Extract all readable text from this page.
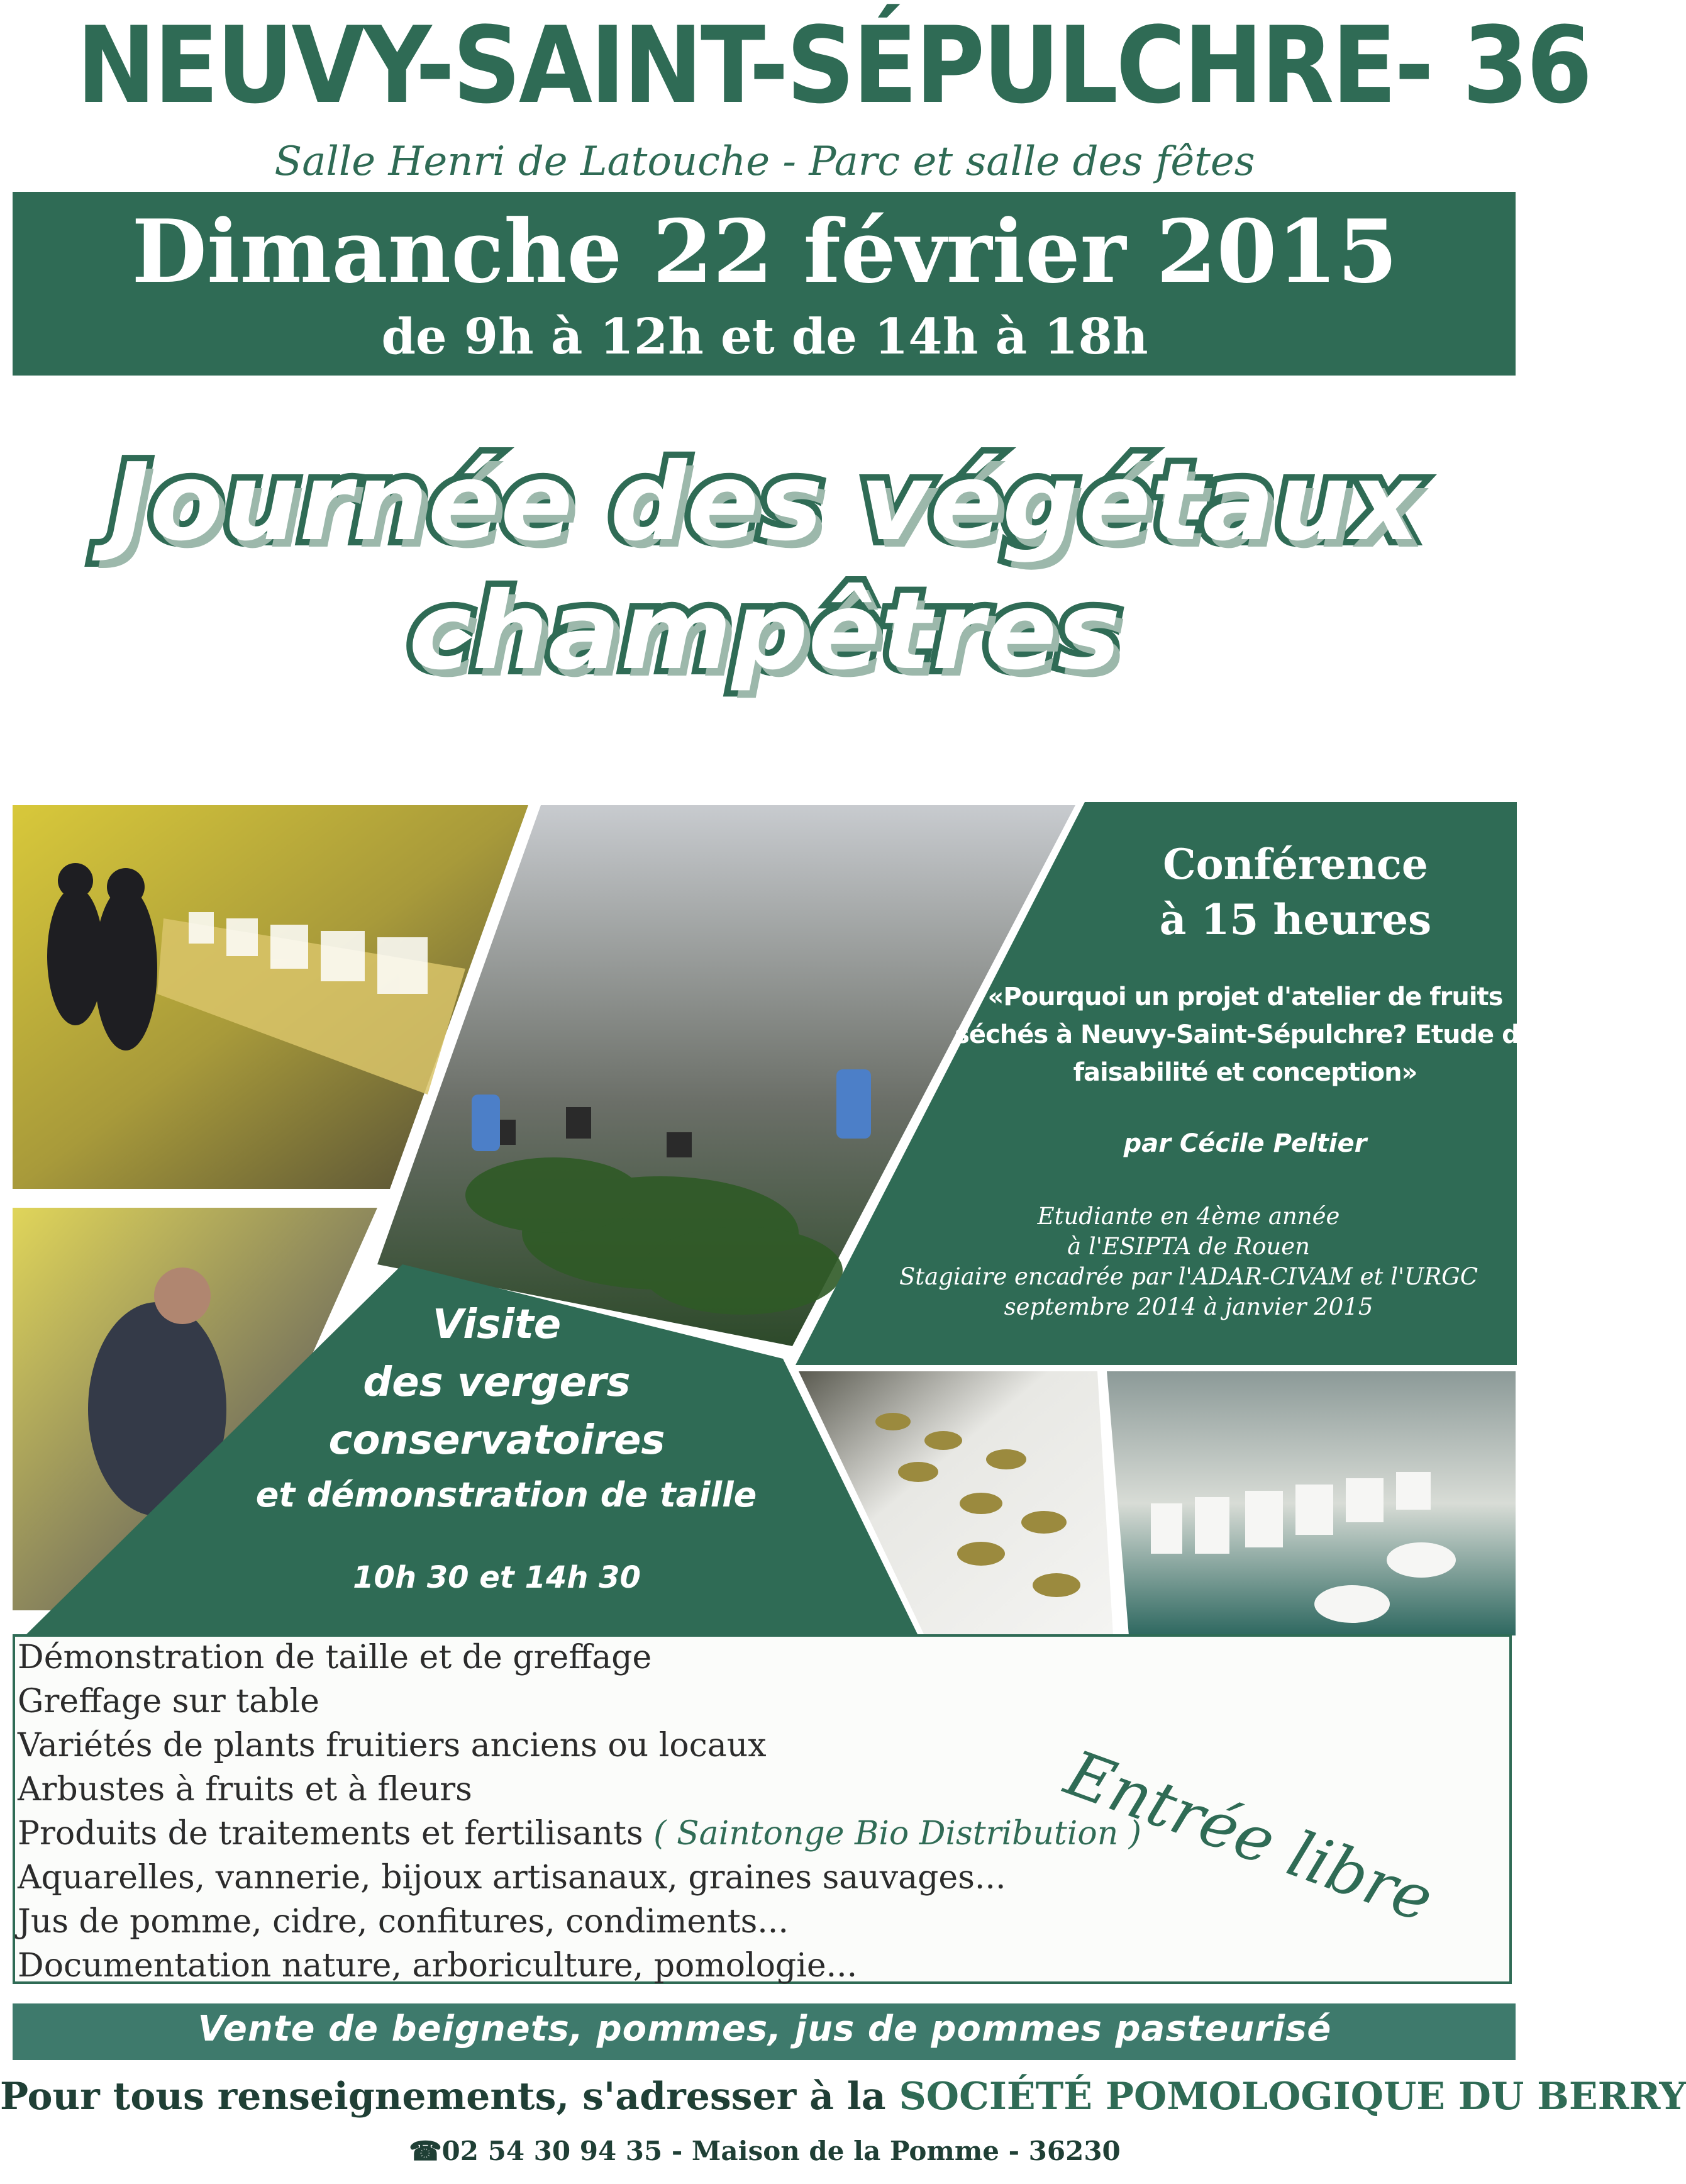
NEUVY-SAINT-SÉPULCHRE- 36
Salle Henri de Latouche - Parc et salle des fêtes
Dimanche 22 février 2015
de 9h à 12h et de 14h à 18h
Journée des végétaux
champêtres
Conférence
à 15 heures
«Pourquoi un projet d'atelier de fruits
séchés à Neuvy-Saint-Sépulchre? Etude de
faisabilité et conception»
par Cécile Peltier
Etudiante en 4ème année
à l'ESIPTA de Rouen
Stagiaire encadrée par l'ADAR-CIVAM et l'URGC
septembre 2014 à janvier 2015
Visite
des vergers
conservatoires
et démonstration de taille
10h 30 et 14h 30
Démonstration de taille et de greffage
Greffage sur table
Variétés de plants fruitiers anciens ou locaux
Arbustes à fruits et à fleurs
Produits de traitements et fertilisants ( Saintonge Bio Distribution )
Aquarelles, vannerie, bijoux artisanaux, graines sauvages...
Jus de pomme, cidre, confitures, condiments...
Documentation nature, arboriculture, pomologie...
Entrée libre
Vente de beignets, pommes, jus de pommes pasteurisé
Pour tous renseignements, s'adresser à la SOCIÉTÉ POMOLOGIQUE DU BERRY
☎02 54 30 94 35 - Maison de la Pomme - 36230
